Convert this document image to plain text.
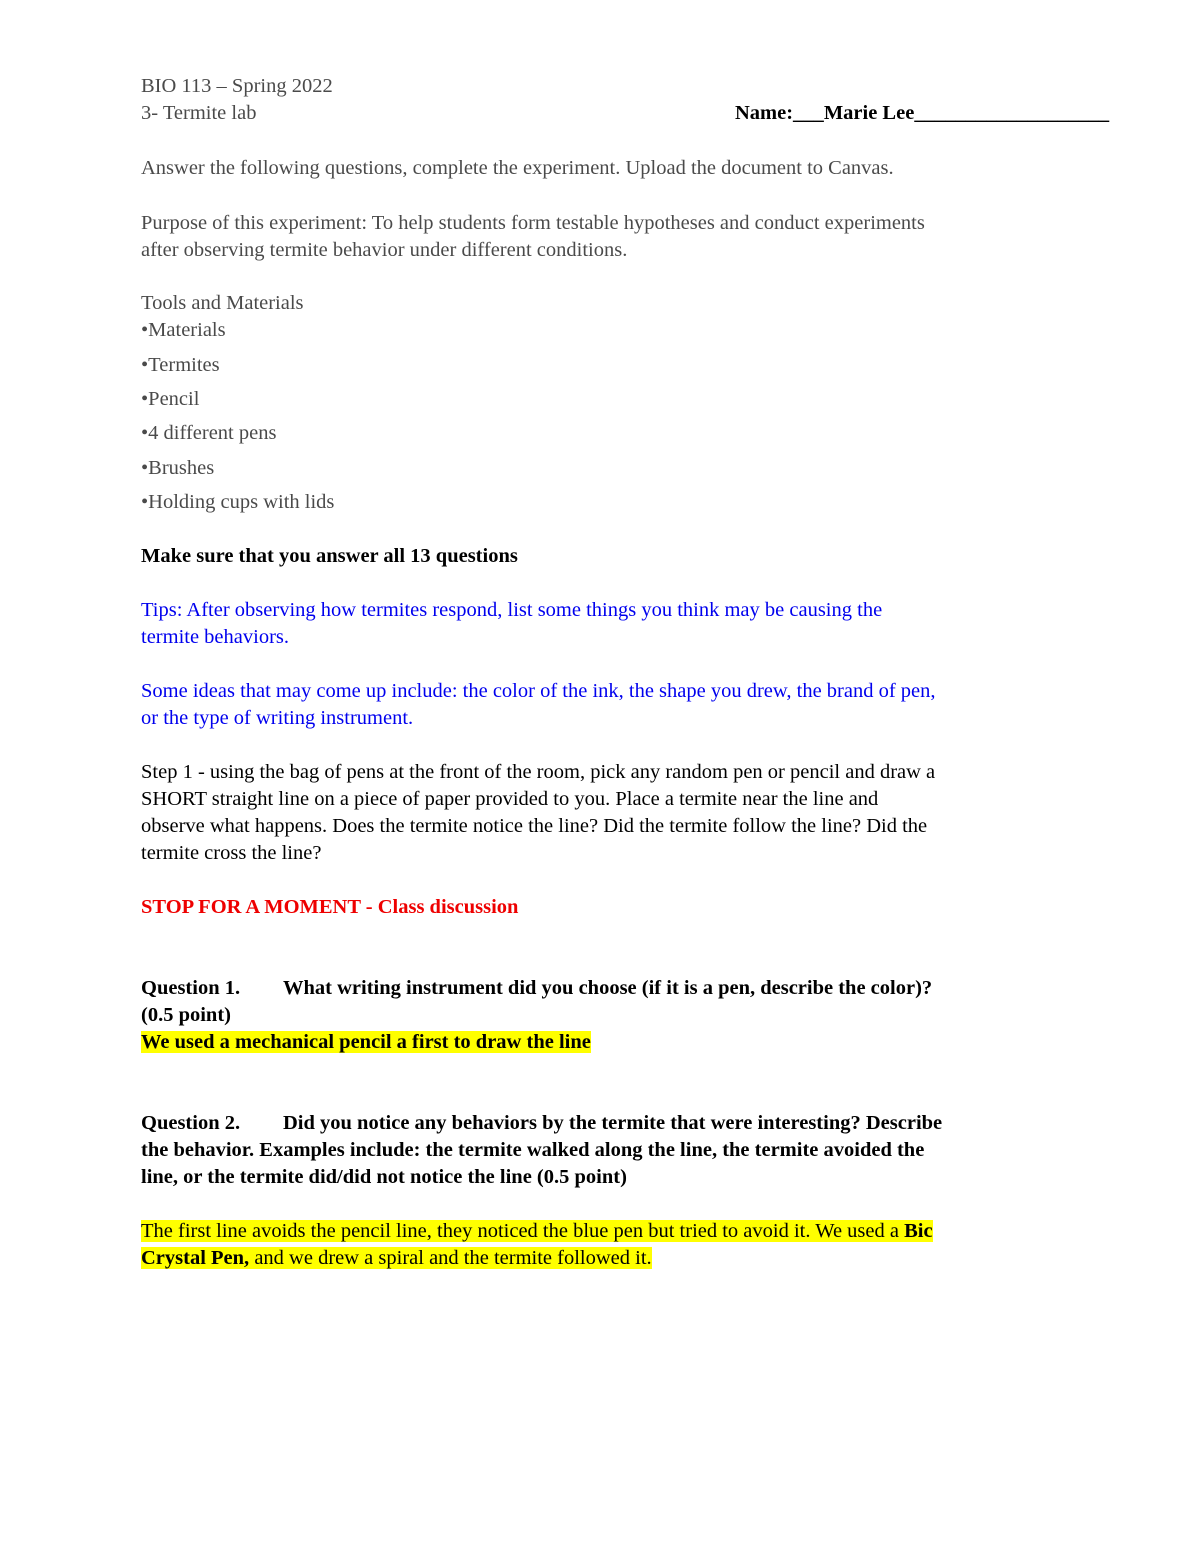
BIO 113 – Spring 2022
3- Termite lab	Name:___Marie Lee___________________
Answer the following questions, complete the experiment. Upload the document to Canvas.
Purpose of this experiment: To help students form testable hypotheses and conduct experiments
after observing termite behavior under different conditions.
Tools and Materials
•Materials
•Termites
•Pencil
•4 different pens
•Brushes
•Holding cups with lids
Make sure that you answer all 13 questions
Tips: After observing how termites respond, list some things you think may be causing the
termite behaviors.
Some ideas that may come up include: the color of the ink, the shape you drew, the brand of pen,
or the type of writing instrument.
Step 1 - using the bag of pens at the front of the room, pick any random pen or pencil and draw a
SHORT straight line on a piece of paper provided to you. Place a termite near the line and
observe what happens. Does the termite notice the line? Did the termite follow the line? Did the
termite cross the line?
STOP FOR A MOMENT - Class discussion
Question 1. What writing instrument did you choose (if it is a pen, describe the color)?
(0.5 point)
We used a mechanical pencil a first to draw the line
Question 2. Did you notice any behaviors by the termite that were interesting? Describe
the behavior. Examples include: the termite walked along the line, the termite avoided the
line, or the termite did/did not notice the line (0.5 point)
The first line avoids the pencil line, they noticed the blue pen but tried to avoid it. We used a Bic
Crystal Pen, and we drew a spiral and the termite followed it.
